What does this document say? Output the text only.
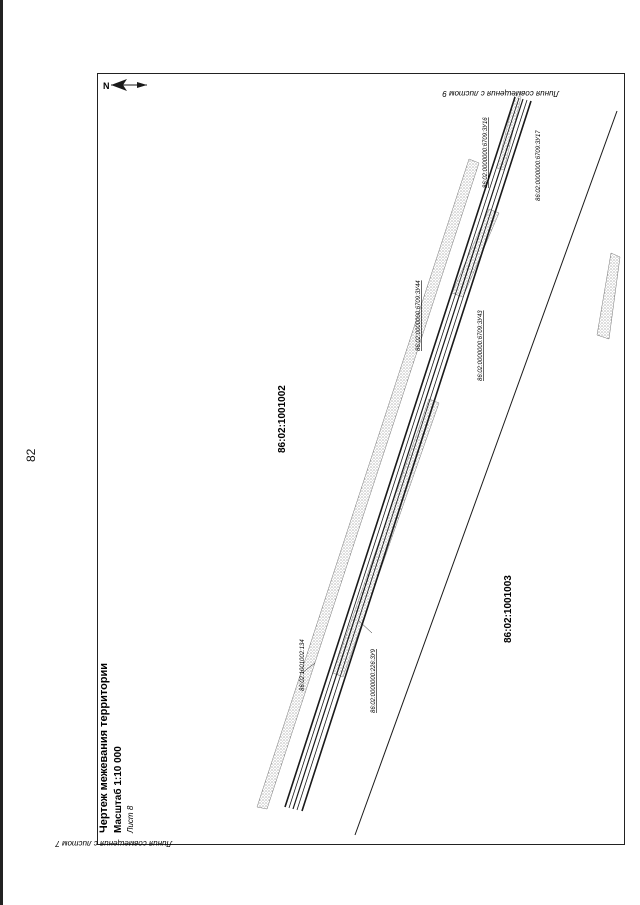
82
N
Чертеж межевания территории Масштаб 1:10 000 Лист 8
Линия совмещения с листом 7
Линия совмещения с листом 9
86:02:1001002
86:02:1001003
86:02:1001002:134	86:02:0000000:226:ЗУ9
86:02:0000000:6709:ЗУ44	86:02:0000000:6709:ЗУ43
86:02:0000000:6709:ЗУ16	86:02:0000000:6709:ЗУ17
